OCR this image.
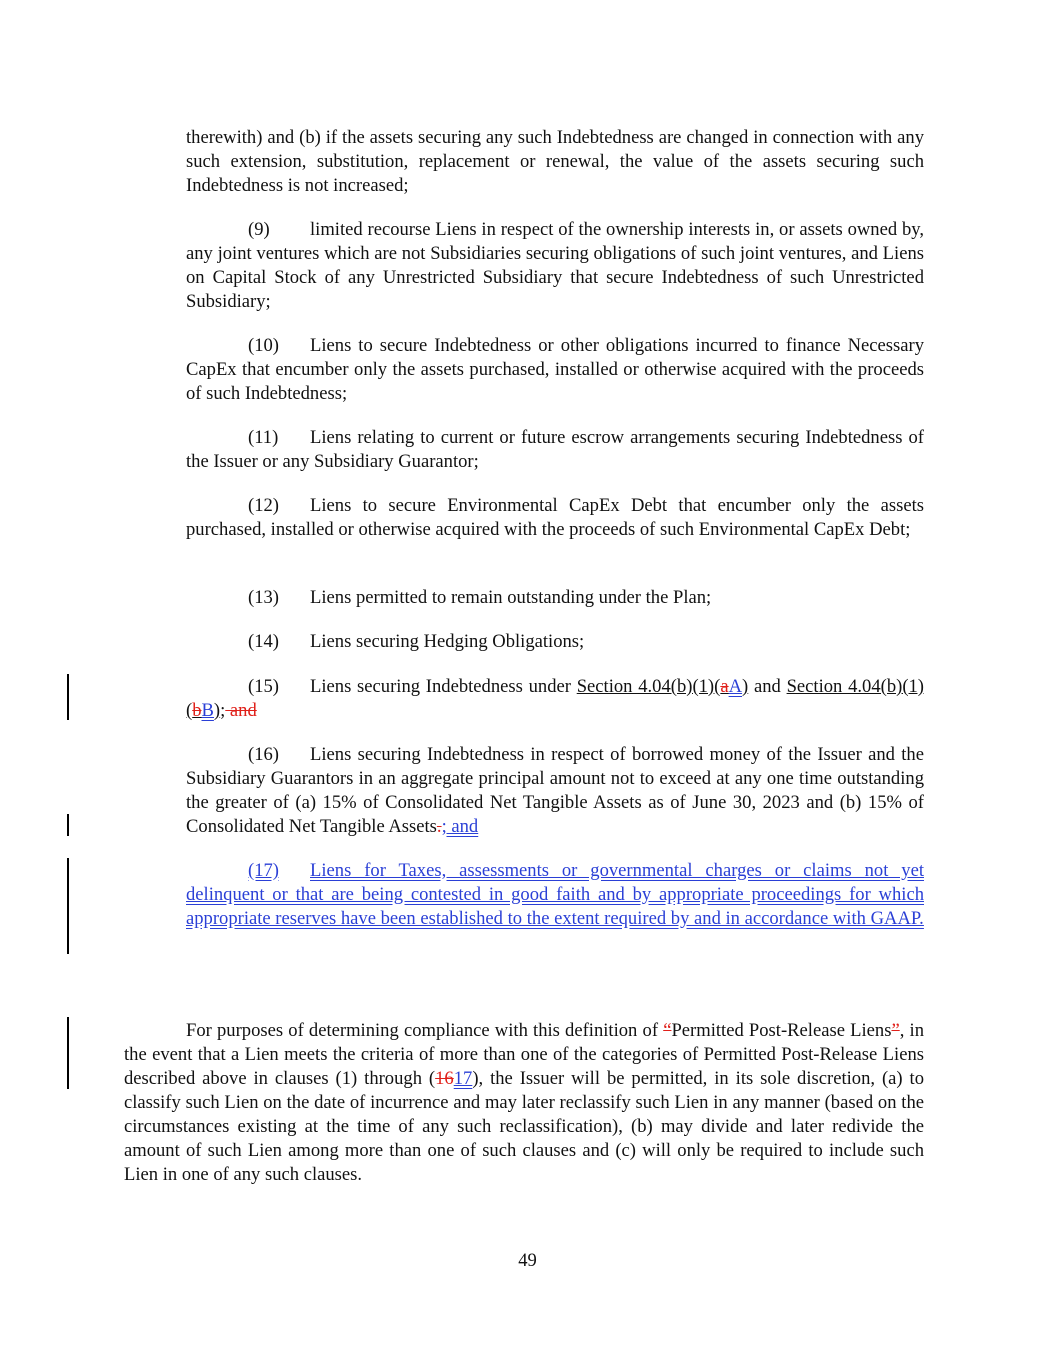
therewith) and (b) if the assets securing any such Indebtedness are changed in connection with any such extension, substitution, replacement or renewal, the value of the assets securing such Indebtedness is not increased;

(9) limited recourse Liens in respect of the ownership interests in, or assets owned by, any joint ventures which are not Subsidiaries securing obligations of such joint ventures, and Liens on Capital Stock of any Unrestricted Subsidiary that secure Indebtedness of such Unrestricted Subsidiary;

(10) Liens to secure Indebtedness or other obligations incurred to finance Necessary CapEx that encumber only the assets purchased, installed or otherwise acquired with the proceeds of such Indebtedness;

(11) Liens relating to current or future escrow arrangements securing Indebtedness of the Issuer or any Subsidiary Guarantor;

(12) Liens to secure Environmental CapEx Debt that encumber only the assets purchased, installed or otherwise acquired with the proceeds of such Environmental CapEx Debt;

(13) Liens permitted to remain outstanding under the Plan;

(14) Liens securing Hedging Obligations;

(15) Liens securing Indebtedness under Section 4.04(b)(1)(aA) and Section 4.04(b)(1)(bB); and

(16) Liens securing Indebtedness in respect of borrowed money of the Issuer and the Subsidiary Guarantors in an aggregate principal amount not to exceed at any one time outstanding the greater of (a) 15% of Consolidated Net Tangible Assets as of June 30, 2023 and (b) 15% of Consolidated Net Tangible Assets.; and

(17) Liens for Taxes, assessments or governmental charges or claims not yet delinquent or that are being contested in good faith and by appropriate proceedings for which appropriate reserves have been established to the extent required by and in accordance with GAAP.

For purposes of determining compliance with this definition of “Permitted Post-Release Liens”, in the event that a Lien meets the criteria of more than one of the categories of Permitted Post-Release Liens described above in clauses (1) through (1617), the Issuer will be permitted, in its sole discretion, (a) to classify such Lien on the date of incurrence and may later reclassify such Lien in any manner (based on the circumstances existing at the time of any such reclassification), (b) may divide and later redivide the amount of such Lien among more than one of such clauses and (c) will only be required to include such Lien in one of any such clauses.

49
